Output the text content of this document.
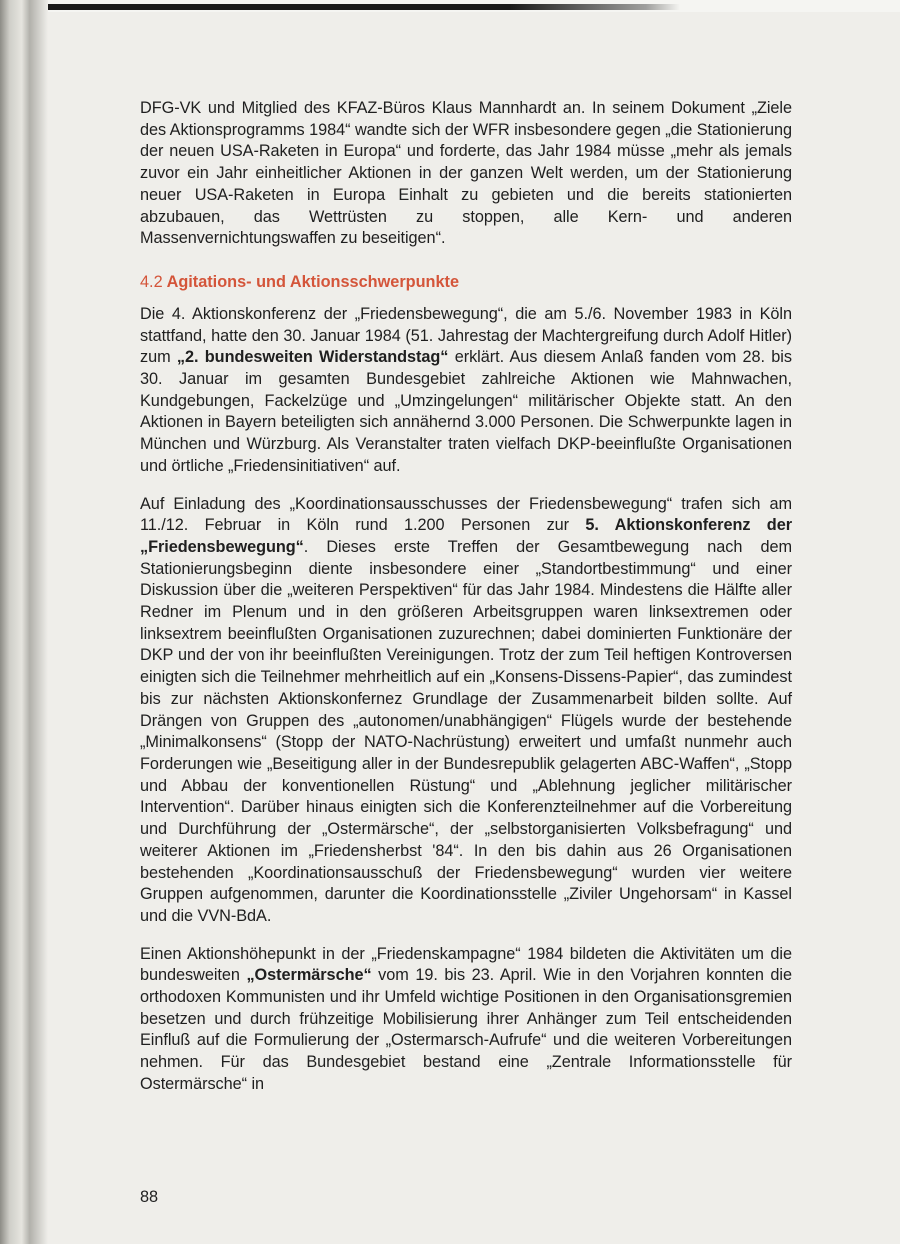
DFG-VK und Mitglied des KFAZ-Büros Klaus Mannhardt an. In seinem Dokument „Ziele des Aktionsprogramms 1984“ wandte sich der WFR insbesondere gegen „die Stationierung der neuen USA-Raketen in Europa“ und forderte, das Jahr 1984 müsse „mehr als jemals zuvor ein Jahr einheitlicher Aktionen in der ganzen Welt werden, um der Stationierung neuer USA-Raketen in Europa Einhalt zu gebieten und die bereits stationierten abzubauen, das Wettrüsten zu stoppen, alle Kern- und anderen Massenvernichtungswaffen zu beseitigen“.

4.2 Agitations- und Aktionsschwerpunkte

Die 4. Aktionskonferenz der „Friedensbewegung“, die am 5./6. November 1983 in Köln stattfand, hatte den 30. Januar 1984 (51. Jahrestag der Machtergreifung durch Adolf Hitler) zum „2. bundesweiten Widerstandstag“ erklärt. Aus diesem Anlaß fanden vom 28. bis 30. Januar im gesamten Bundesgebiet zahlreiche Aktionen wie Mahnwachen, Kundgebungen, Fackelzüge und „Umzingelungen“ militärischer Objekte statt. An den Aktionen in Bayern beteiligten sich annähernd 3.000 Personen. Die Schwerpunkte lagen in München und Würzburg. Als Veranstalter traten vielfach DKP-beeinflußte Organisationen und örtliche „Friedensinitiativen“ auf.

Auf Einladung des „Koordinationsausschusses der Friedensbewegung“ trafen sich am 11./12. Februar in Köln rund 1.200 Personen zur 5. Aktionskonferenz der „Friedensbewegung“. Dieses erste Treffen der Gesamtbewegung nach dem Stationierungsbeginn diente insbesondere einer „Standortbestimmung“ und einer Diskussion über die „weiteren Perspektiven“ für das Jahr 1984. Mindestens die Hälfte aller Redner im Plenum und in den größeren Arbeitsgruppen waren linksextremen oder linksextrem beeinflußten Organisationen zuzurechnen; dabei dominierten Funktionäre der DKP und der von ihr beeinflußten Vereinigungen. Trotz der zum Teil heftigen Kontroversen einigten sich die Teilnehmer mehrheitlich auf ein „Konsens-Dissens-Papier“, das zumindest bis zur nächsten Aktionskonfernez Grundlage der Zusammenarbeit bilden sollte. Auf Drängen von Gruppen des „autonomen/unabhängigen“ Flügels wurde der bestehende „Minimalkonsens“ (Stopp der NATO-Nachrüstung) erweitert und umfaßt nunmehr auch Forderungen wie „Beseitigung aller in der Bundesrepublik gelagerten ABC-Waffen“, „Stopp und Abbau der konventionellen Rüstung“ und „Ablehnung jeglicher militärischer Intervention“. Darüber hinaus einigten sich die Konferenzteilnehmer auf die Vorbereitung und Durchführung der „Ostermärsche“, der „selbstorganisierten Volksbefragung“ und weiterer Aktionen im „Friedensherbst '84“. In den bis dahin aus 26 Organisationen bestehenden „Koordinationsausschuß der Friedensbewegung“ wurden vier weitere Gruppen aufgenommen, darunter die Koordinationsstelle „Ziviler Ungehorsam“ in Kassel und die VVN-BdA.

Einen Aktionshöhepunkt in der „Friedenskampagne“ 1984 bildeten die Aktivitäten um die bundesweiten „Ostermärsche“ vom 19. bis 23. April. Wie in den Vorjahren konnten die orthodoxen Kommunisten und ihr Umfeld wichtige Positionen in den Organisationsgremien besetzen und durch frühzeitige Mobilisierung ihrer Anhänger zum Teil entscheidenden Einfluß auf die Formulierung der „Ostermarsch-Aufrufe“ und die weiteren Vorbereitungen nehmen. Für das Bundesgebiet bestand eine „Zentrale Informationsstelle für Ostermärsche“ in

88
